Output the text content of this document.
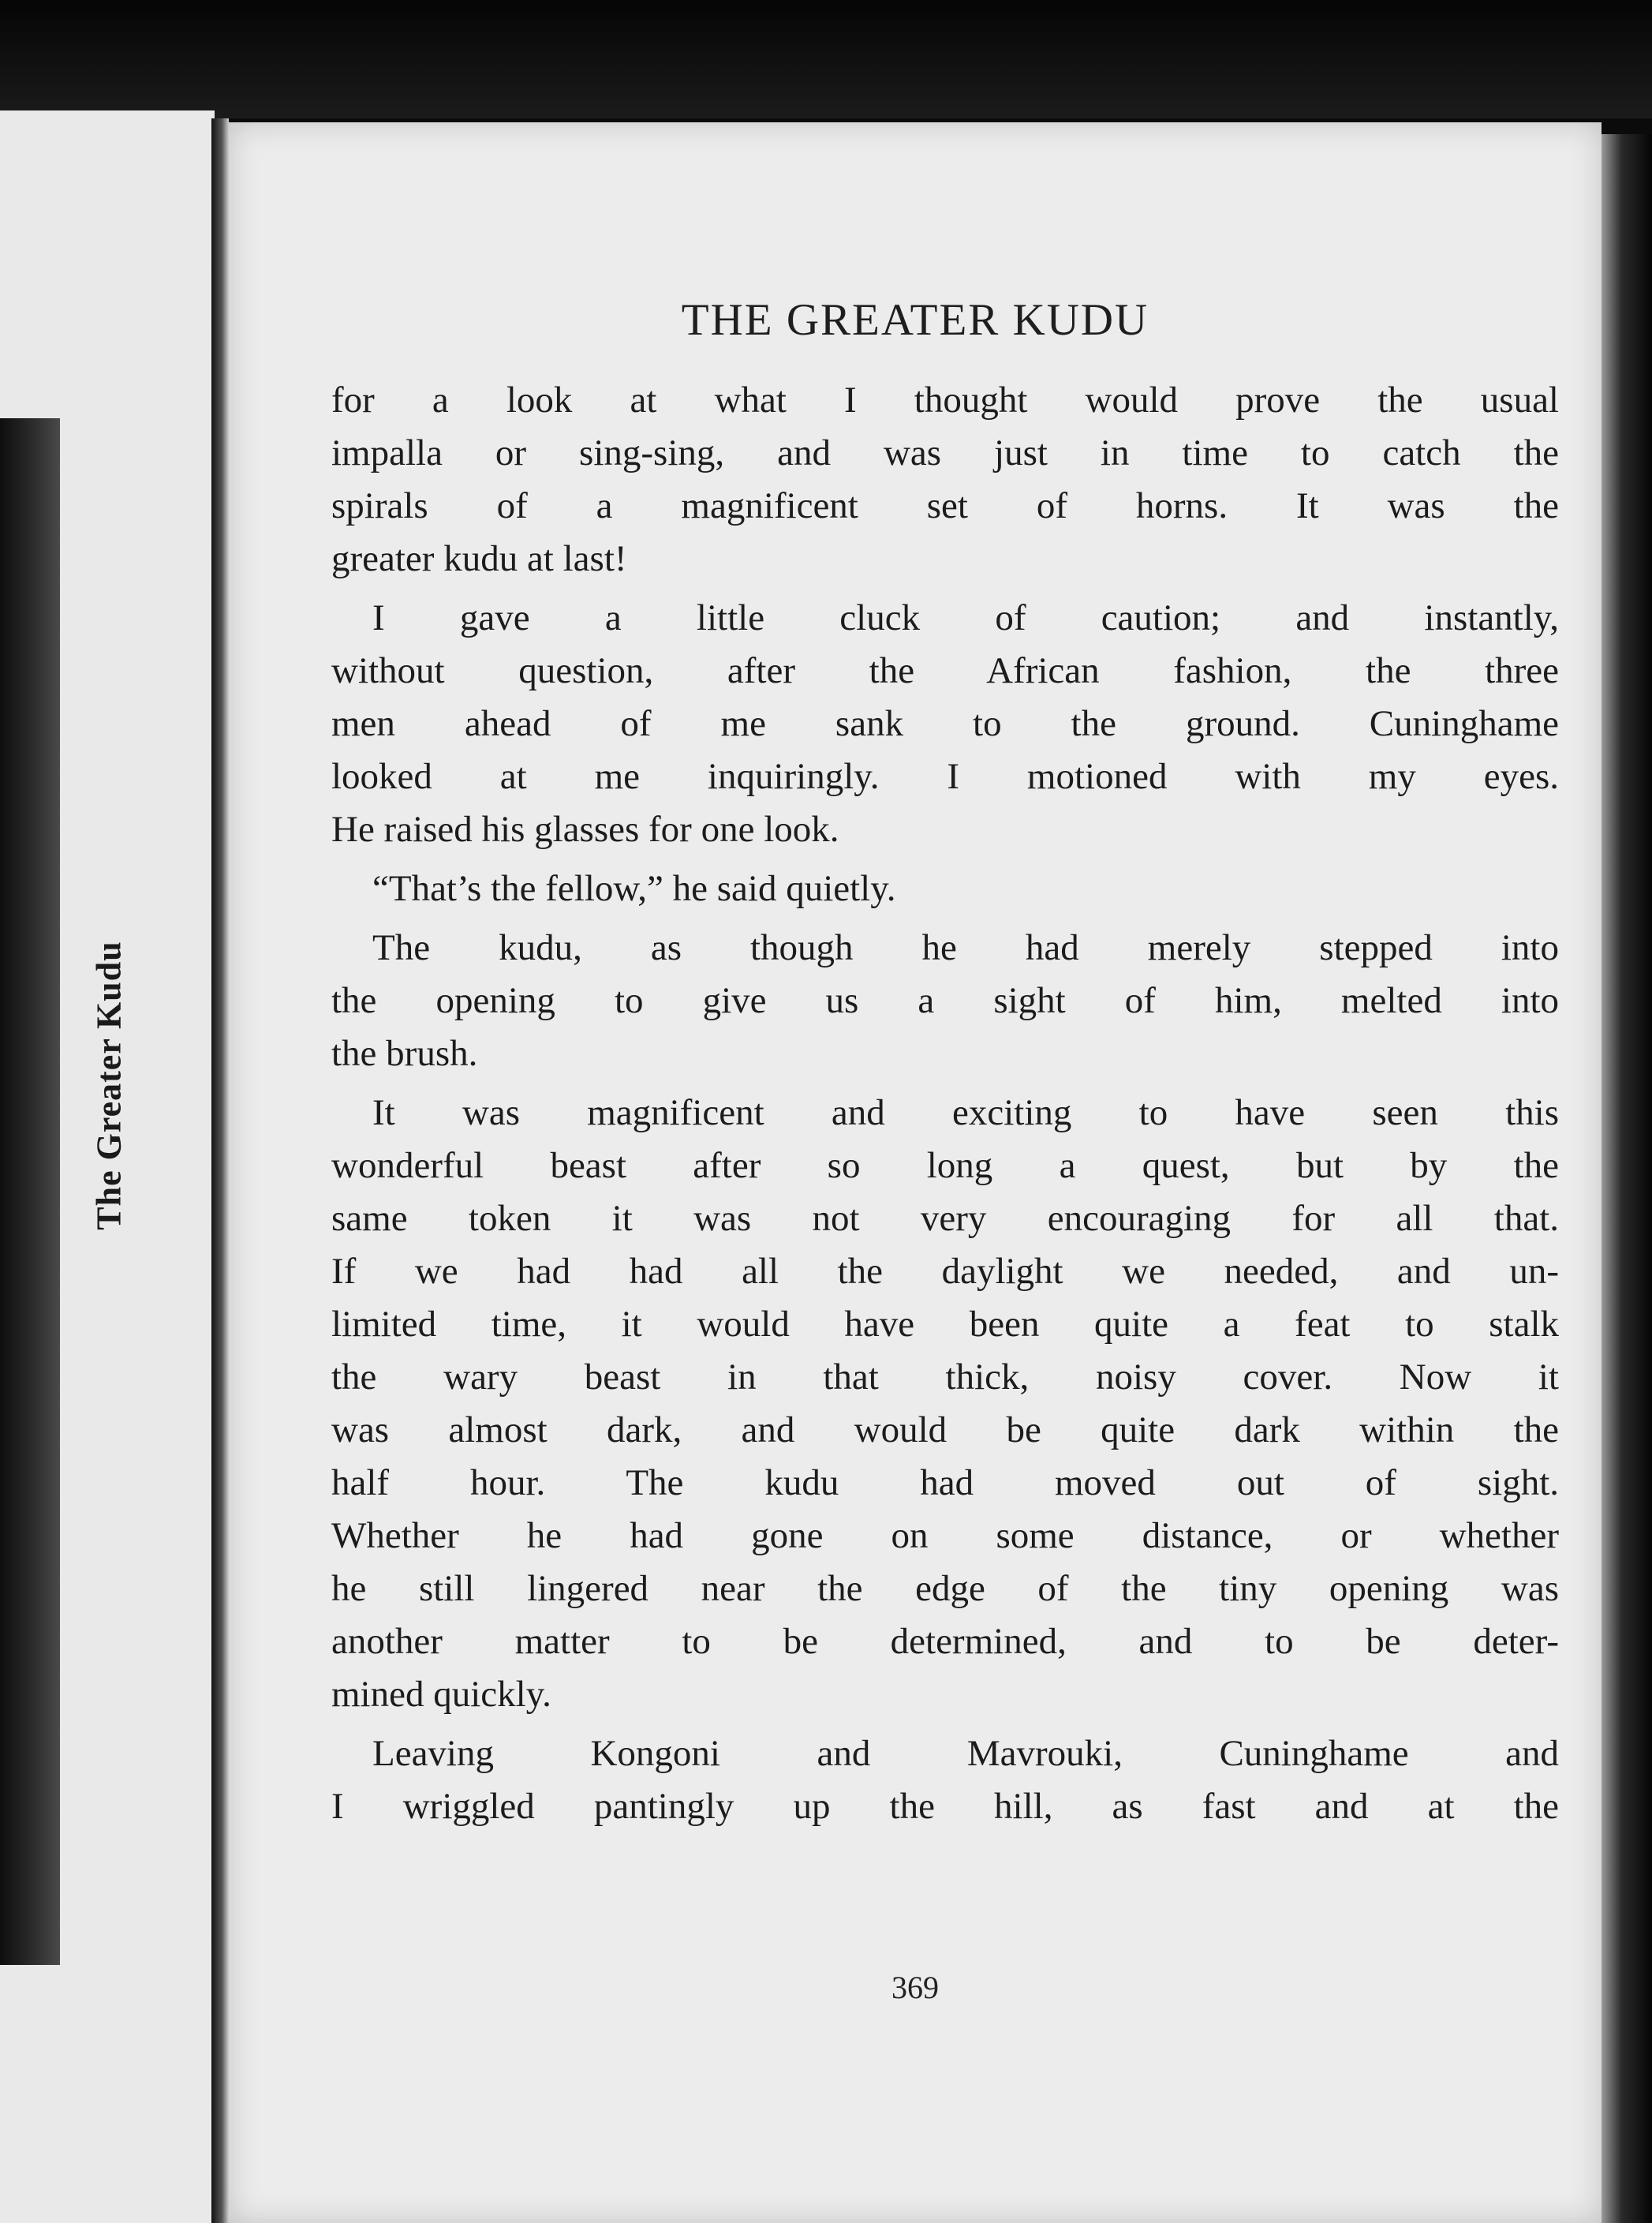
The Greater Kudu
THE GREATER KUDU
for a look at what I thought would prove the usual
impalla or sing-sing, and was just in time to catch the
spirals of a magnificent set of horns. It was the
greater kudu at last!
I gave a little cluck of caution; and instantly,
without question, after the African fashion, the three
men ahead of me sank to the ground. Cuninghame
looked at me inquiringly. I motioned with my eyes.
He raised his glasses for one look.
“That’s the fellow,” he said quietly.
The kudu, as though he had merely stepped into
the opening to give us a sight of him, melted into
the brush.
It was magnificent and exciting to have seen this
wonderful beast after so long a quest, but by the
same token it was not very encouraging for all that.
If we had had all the daylight we needed, and un-
limited time, it would have been quite a feat to stalk
the wary beast in that thick, noisy cover. Now it
was almost dark, and would be quite dark within the
half hour. The kudu had moved out of sight.
Whether he had gone on some distance, or whether
he still lingered near the edge of the tiny opening was
another matter to be determined, and to be deter-
mined quickly.
Leaving Kongoni and Mavrouki, Cuninghame and
I wriggled pantingly up the hill, as fast and at the
369
